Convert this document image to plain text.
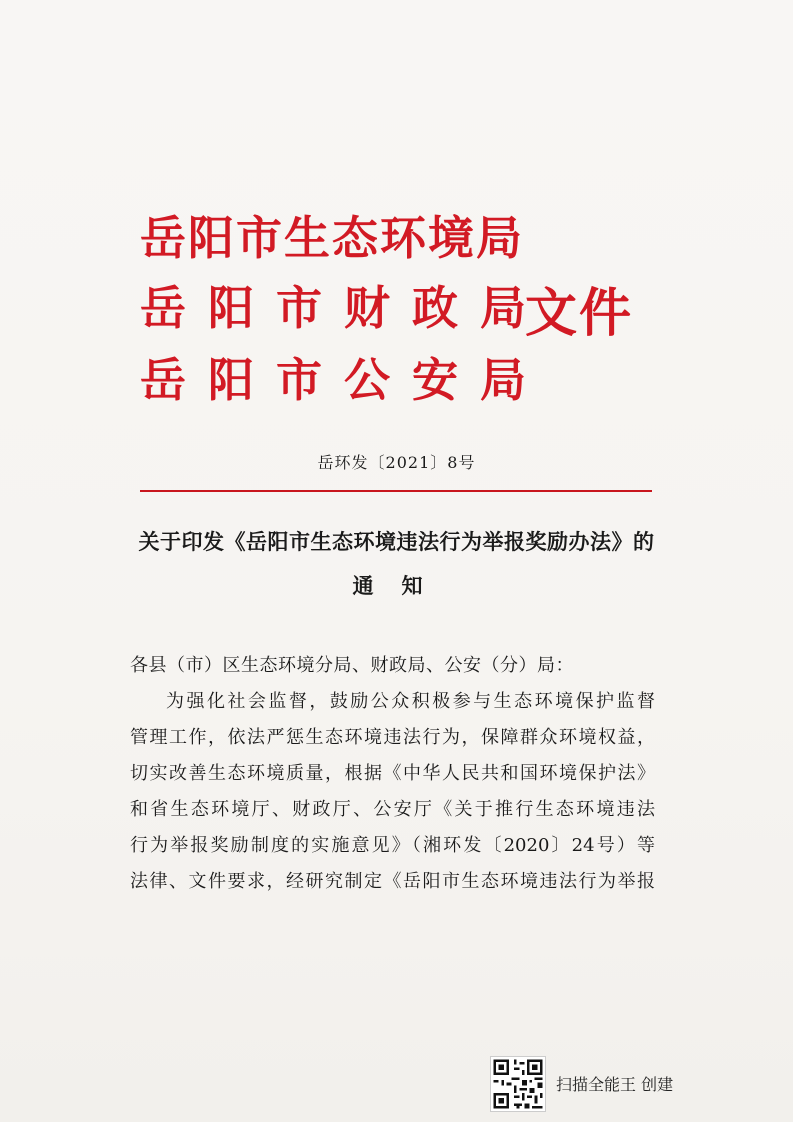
岳阳市生态环境局
岳阳市财政局
岳阳市公安局
文件
岳环发〔2021〕8号
关于印发《岳阳市生态环境违法行为举报奖励办法》的
通知

各县（市）区生态环境分局、财政局、公安（分）局：

为强化社会监督，鼓励公众积极参与生态环境保护监督
管理工作，依法严惩生态环境违法行为，保障群众环境权益，
切实改善生态环境质量，根据《中华人民共和国环境保护法》
和省生态环境厅、财政厅、公安厅《关于推行生态环境违法
行为举报奖励制度的实施意见》（湘环发〔2020〕24号）等
法律、文件要求，经研究制定《岳阳市生态环境违法行为举报

扫描全能王 创建
